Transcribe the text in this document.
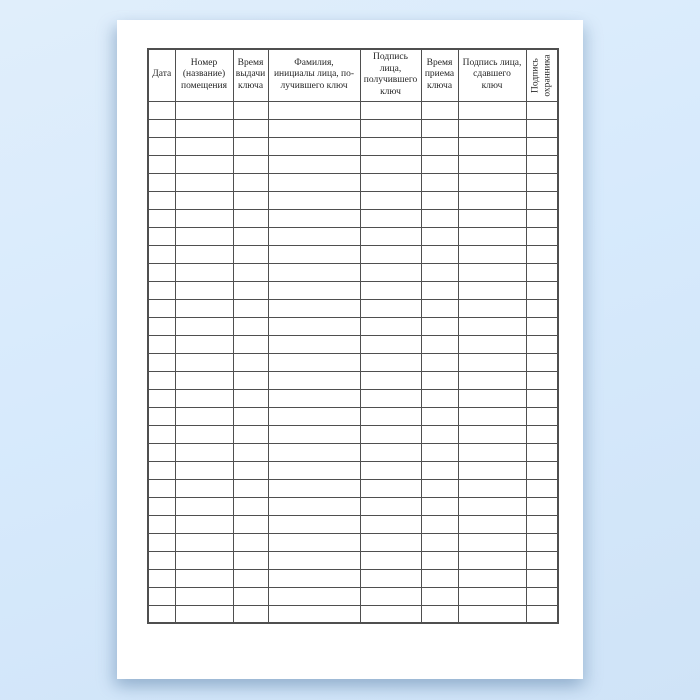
Дата	Номер
(название)
помещения	Время
выдачи
ключа	Фамилия,
инициалы лица, по-
лучившего ключ	Подпись
лица,
получившего
ключ	Время
приема
ключа	Подпись лица,
сдавшего
ключ	Подпись охранника
